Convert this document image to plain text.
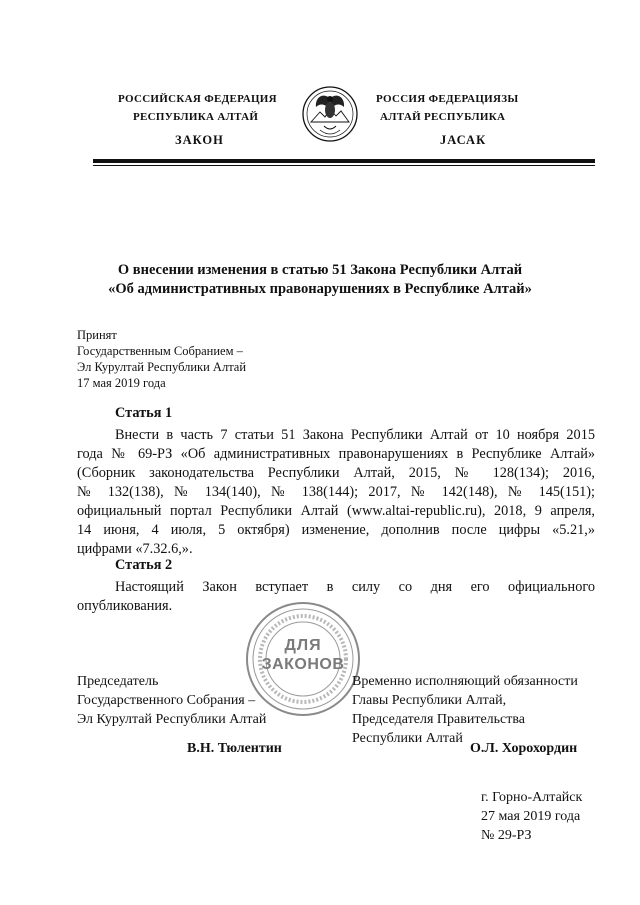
РОССИЙСКАЯ ФЕДЕРАЦИЯ
РЕСПУБЛИКА АЛТАЙ
ЗАКОН
РОССИЯ ФЕДЕРАЦИЯЗЫ
АЛТАЙ РЕСПУБЛИКА
JАСАК
О внесении изменения в статью 51 Закона Республики Алтай
«Об административных правонарушениях в Республике Алтай»
Принят
Государственным Собранием –
Эл Курултай Республики Алтай
17 мая 2019 года
Статья 1
Внести в часть 7 статьи 51 Закона Республики Алтай от 10 ноября 2015
года № 69-РЗ «Об административных правонарушениях в Республике Алтай»
(Сборник законодательства Республики Алтай, 2015, № 128(134); 2016,
№ 132(138), № 134(140), № 138(144); 2017, № 142(148), № 145(151);
официальный портал Республики Алтай (www.altai-republic.ru), 2018, 9 апреля,
14 июня, 4 июля, 5 октября) изменение, дополнив после цифры «5.21,»
цифрами «7.32.6,».
Статья 2
Настоящий Закон вступает в силу со дня его официального
опубликования.
ДЛЯ
ЗАКОНОВ
Председатель
Государственного Собрания –
Эл Курултай Республики Алтай
В.Н. Тюлентин
Временно исполняющий обязанности
Главы Республики Алтай,
Председателя Правительства
Республики Алтай
О.Л. Хорохордин
г. Горно-Алтайск
27 мая 2019 года
№ 29-РЗ
